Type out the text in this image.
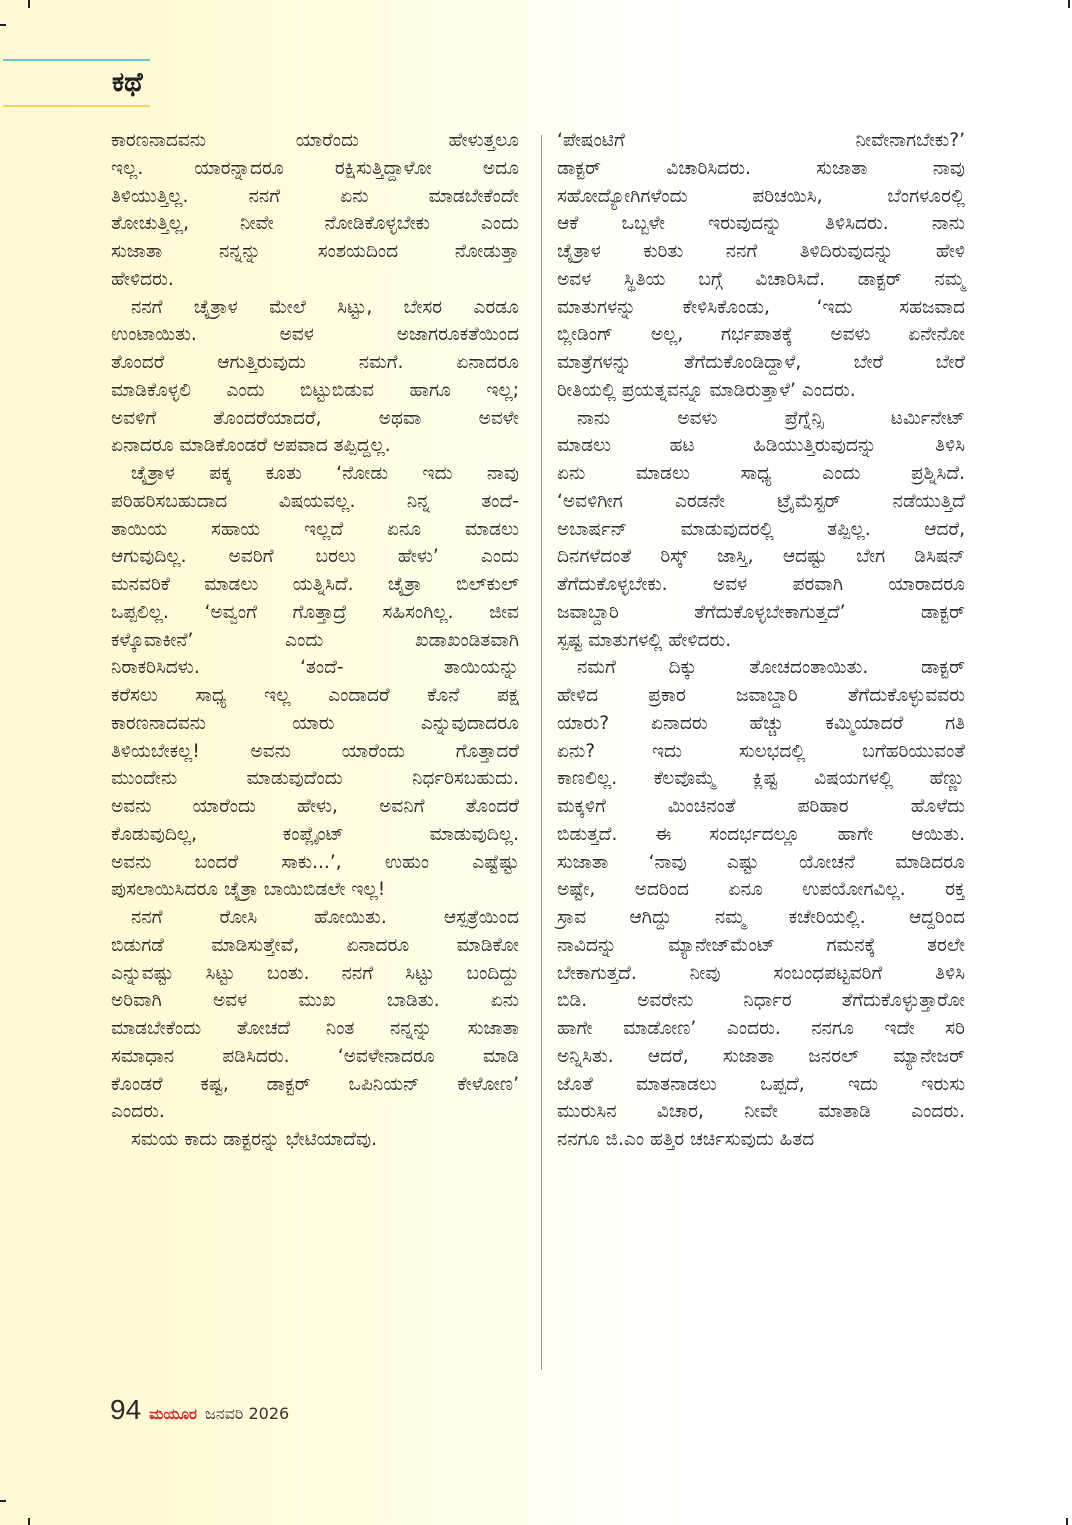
ಕಥೆ

ಕಾರಣನಾದವನು ಯಾರೆಂದು ಹೇಳುತ್ತಲೂ
ಇಲ್ಲ. ಯಾರನ್ನಾದರೂ ರಕ್ಷಿಸುತ್ತಿದ್ದಾಳೋ ಅದೂ
ತಿಳಿಯುತ್ತಿಲ್ಲ. ನನಗೆ ಏನು ಮಾಡಬೇಕೆಂದೇ
ತೋಚುತ್ತಿಲ್ಲ, ನೀವೇ ನೋಡಿಕೊಳ್ಳಬೇಕು ಎಂದು
ಸುಜಾತಾ ನನ್ನನ್ನು ಸಂಶಯದಿಂದ ನೋಡುತ್ತಾ
ಹೇಳಿದರು.

ನನಗೆ ಚೈತ್ರಾಳ ಮೇಲೆ ಸಿಟ್ಟು, ಬೇಸರ ಎರಡೂ
ಉಂಟಾಯಿತು. ಅವಳ ಅಜಾಗರೂಕತೆಯಿಂದ
ತೊಂದರೆ ಆಗುತ್ತಿರುವುದು ನಮಗೆ. ಏನಾದರೂ
ಮಾಡಿಕೊಳ್ಳಲಿ ಎಂದು ಬಿಟ್ಟುಬಿಡುವ ಹಾಗೂ ಇಲ್ಲ;
ಅವಳಿಗೆ ತೊಂದರೆಯಾದರೆ, ಅಥವಾ ಅವಳೇ
ಏನಾದರೂ ಮಾಡಿಕೊಂಡರೆ ಅಪವಾದ ತಪ್ಪಿದ್ದಲ್ಲ.

ಚೈತ್ರಾಳ ಪಕ್ಕ ಕೂತು ‘ನೋಡು ಇದು ನಾವು
ಪರಿಹರಿಸಬಹುದಾದ ವಿಷಯವಲ್ಲ. ನಿನ್ನ ತಂದೆ-
ತಾಯಿಯ ಸಹಾಯ ಇಲ್ಲದೆ ಏನೂ ಮಾಡಲು
ಆಗುವುದಿಲ್ಲ. ಅವರಿಗೆ ಬರಲು ಹೇಳು’ ಎಂದು
ಮನವರಿಕೆ ಮಾಡಲು ಯತ್ನಿಸಿದೆ. ಚೈತ್ರಾ ಬಿಲ್‌ಕುಲ್
ಒಪ್ಪಲಿಲ್ಲ. ‘ಅವ್ವಂಗೆ ಗೊತ್ತಾದ್ರೆ ಸಹಿಸಂಗಿಲ್ಲ. ಜೀವ
ಕಳ್ಕೊವಾಕೀನೆ’ ಎಂದು ಖಡಾಖಂಡಿತವಾಗಿ
ನಿರಾಕರಿಸಿದಳು. ‘ತಂದೆ- ತಾಯಿಯನ್ನು
ಕರೆಸಲು ಸಾಧ್ಯ ಇಲ್ಲ ಎಂದಾದರೆ ಕೊನೆ ಪಕ್ಷ
ಕಾರಣನಾದವನು ಯಾರು ಎನ್ನುವುದಾದರೂ
ತಿಳಿಯಬೇಕಲ್ಲ! ಅವನು ಯಾರೆಂದು ಗೊತ್ತಾದರೆ
ಮುಂದೇನು ಮಾಡುವುದೆಂದು ನಿರ್ಧರಿಸಬಹುದು.
ಅವನು ಯಾರೆಂದು ಹೇಳು, ಅವನಿಗೆ ತೊಂದರೆ
ಕೊಡುವುದಿಲ್ಲ, ಕಂಪ್ಲೈಂಟ್ ಮಾಡುವುದಿಲ್ಲ.
ಅವನು ಬಂದರೆ ಸಾಕು...’, ಉಹುಂ ಎಷ್ಟೆಷ್ಟು
ಪುಸಲಾಯಿಸಿದರೂ ಚೈತ್ರಾ ಬಾಯಿಬಿಡಲೇ ಇಲ್ಲ!

ನನಗೆ ರೋಸಿ ಹೋಯಿತು. ಆಸ್ಪತ್ರೆಯಿಂದ
ಬಿಡುಗಡೆ ಮಾಡಿಸುತ್ತೇವೆ, ಏನಾದರೂ ಮಾಡಿಕೋ
ಎನ್ನುವಷ್ಟು ಸಿಟ್ಟು ಬಂತು. ನನಗೆ ಸಿಟ್ಟು ಬಂದಿದ್ದು
ಅರಿವಾಗಿ ಅವಳ ಮುಖ ಬಾಡಿತು. ಏನು
ಮಾಡಬೇಕೆಂದು ತೋಚದೆ ನಿಂತ ನನ್ನನ್ನು ಸುಜಾತಾ
ಸಮಾಧಾನ ಪಡಿಸಿದರು. ‘ಅವಳೇನಾದರೂ ಮಾಡಿ
ಕೊಂಡರೆ ಕಷ್ಟ, ಡಾಕ್ಟರ್ ಒಪಿನಿಯನ್ ಕೇಳೋಣ’
ಎಂದರು.

ಸಮಯ ಕಾದು ಡಾಕ್ಟರನ್ನು ಭೇಟಿಯಾದೆವು.

‘ಪೇಷಂಟಿಗೆ ನೀವೇನಾಗಬೇಕು?’
ಡಾಕ್ಟರ್ ವಿಚಾರಿಸಿದರು. ಸುಜಾತಾ ನಾವು
ಸಹೋದ್ಯೋಗಿಗಳೆಂದು ಪರಿಚಯಿಸಿ, ಬೆಂಗಳೂರಲ್ಲಿ
ಆಕೆ ಒಬ್ಬಳೇ ಇರುವುದನ್ನು ತಿಳಿಸಿದರು. ನಾನು
ಚೈತ್ರಾಳ ಕುರಿತು ನನಗೆ ತಿಳಿದಿರುವುದನ್ನು ಹೇಳಿ
ಅವಳ ಸ್ಥಿತಿಯ ಬಗ್ಗೆ ವಿಚಾರಿಸಿದೆ. ಡಾಕ್ಟರ್ ನಮ್ಮ
ಮಾತುಗಳನ್ನು ಕೇಳಿಸಿಕೊಂಡು, ‘ಇದು ಸಹಜವಾದ
ಬ್ಲೀಡಿಂಗ್ ಅಲ್ಲ, ಗರ್ಭಪಾತಕ್ಕೆ ಅವಳು ಏನೇನೋ
ಮಾತ್ರೆಗಳನ್ನು ತೆಗೆದುಕೊಂಡಿದ್ದಾಳೆ, ಬೇರೆ ಬೇರೆ
ರೀತಿಯಲ್ಲಿ ಪ್ರಯತ್ನವನ್ನೂ ಮಾಡಿರುತ್ತಾಳೆ’ ಎಂದರು.

ನಾನು ಅವಳು ಪ್ರೆಗ್ನೆನ್ಸಿ ಟರ್ಮಿನೇಟ್
ಮಾಡಲು ಹಟ ಹಿಡಿಯುತ್ತಿರುವುದನ್ನು ತಿಳಿಸಿ
ಏನು ಮಾಡಲು ಸಾಧ್ಯ ಎಂದು ಪ್ರಶ್ನಿಸಿದೆ.
‘ಅವಳಿಗೀಗ ಎರಡನೇ ಟ್ರೈಮೆಸ್ಟರ್ ನಡೆಯುತ್ತಿದೆ
ಅಬಾರ್ಷನ್ ಮಾಡುವುದರಲ್ಲಿ ತಪ್ಪಿಲ್ಲ. ಆದರೆ,
ದಿನಗಳೆದಂತೆ ರಿಸ್ಕ್ ಜಾಸ್ತಿ, ಆದಷ್ಟು ಬೇಗ ಡಿಸಿಷನ್
ತೆಗೆದುಕೊಳ್ಳಬೇಕು. ಅವಳ ಪರವಾಗಿ ಯಾರಾದರೂ
ಜವಾಬ್ದಾರಿ ತೆಗೆದುಕೊಳ್ಳಬೇಕಾಗುತ್ತದೆ’ ಡಾಕ್ಟರ್
ಸ್ಪಷ್ಟ ಮಾತುಗಳಲ್ಲಿ ಹೇಳಿದರು.

ನಮಗೆ ದಿಕ್ಕು ತೋಚದಂತಾಯಿತು. ಡಾಕ್ಟರ್
ಹೇಳಿದ ಪ್ರಕಾರ ಜವಾಬ್ದಾರಿ ತೆಗೆದುಕೊಳ್ಳುವವರು
ಯಾರು? ಏನಾದರು ಹೆಚ್ಚು ಕಮ್ಮಿಯಾದರೆ ಗತಿ
ಏನು? ಇದು ಸುಲಭದಲ್ಲಿ ಬಗೆಹರಿಯುವಂತೆ
ಕಾಣಲಿಲ್ಲ. ಕೆಲವೊಮ್ಮೆ ಕ್ಲಿಷ್ಟ ವಿಷಯಗಳಲ್ಲಿ ಹೆಣ್ಣು
ಮಕ್ಕಳಿಗೆ ಮಿಂಚಿನಂತೆ ಪರಿಹಾರ ಹೊಳೆದು
ಬಿಡುತ್ತದೆ. ಈ ಸಂದರ್ಭದಲ್ಲೂ ಹಾಗೇ ಆಯಿತು.
ಸುಜಾತಾ ‘ನಾವು ಎಷ್ಟು ಯೋಚನೆ ಮಾಡಿದರೂ
ಅಷ್ಟೇ, ಅದರಿಂದ ಏನೂ ಉಪಯೋಗವಿಲ್ಲ. ರಕ್ತ
ಸ್ರಾವ ಆಗಿದ್ದು ನಮ್ಮ ಕಚೇರಿಯಲ್ಲಿ. ಆದ್ದರಿಂದ
ನಾವಿದನ್ನು ಮ್ಯಾನೇಜ್‌ಮೆಂಟ್ ಗಮನಕ್ಕೆ ತರಲೇ
ಬೇಕಾಗುತ್ತದೆ. ನೀವು ಸಂಬಂಧಪಟ್ಟವರಿಗೆ ತಿಳಿಸಿ
ಬಿಡಿ. ಅವರೇನು ನಿರ್ಧಾರ ತೆಗೆದುಕೊಳ್ಳುತ್ತಾರೋ
ಹಾಗೇ ಮಾಡೋಣ’ ಎಂದರು. ನನಗೂ ಇದೇ ಸರಿ
ಅನ್ನಿಸಿತು. ಆದರೆ, ಸುಜಾತಾ ಜನರಲ್ ಮ್ಯಾನೇಜರ್
ಜೊತೆ ಮಾತನಾಡಲು ಒಪ್ಪದೆ, ಇದು ಇರುಸು
ಮುರುಸಿನ ವಿಚಾರ, ನೀವೇ ಮಾತಾಡಿ ಎಂದರು.
ನನಗೂ ಜಿ.ಎಂ ಹತ್ತಿರ ಚರ್ಚಿಸುವುದು ಹಿತದ

94 ಮಯೂರ ಜನವರಿ 2026
